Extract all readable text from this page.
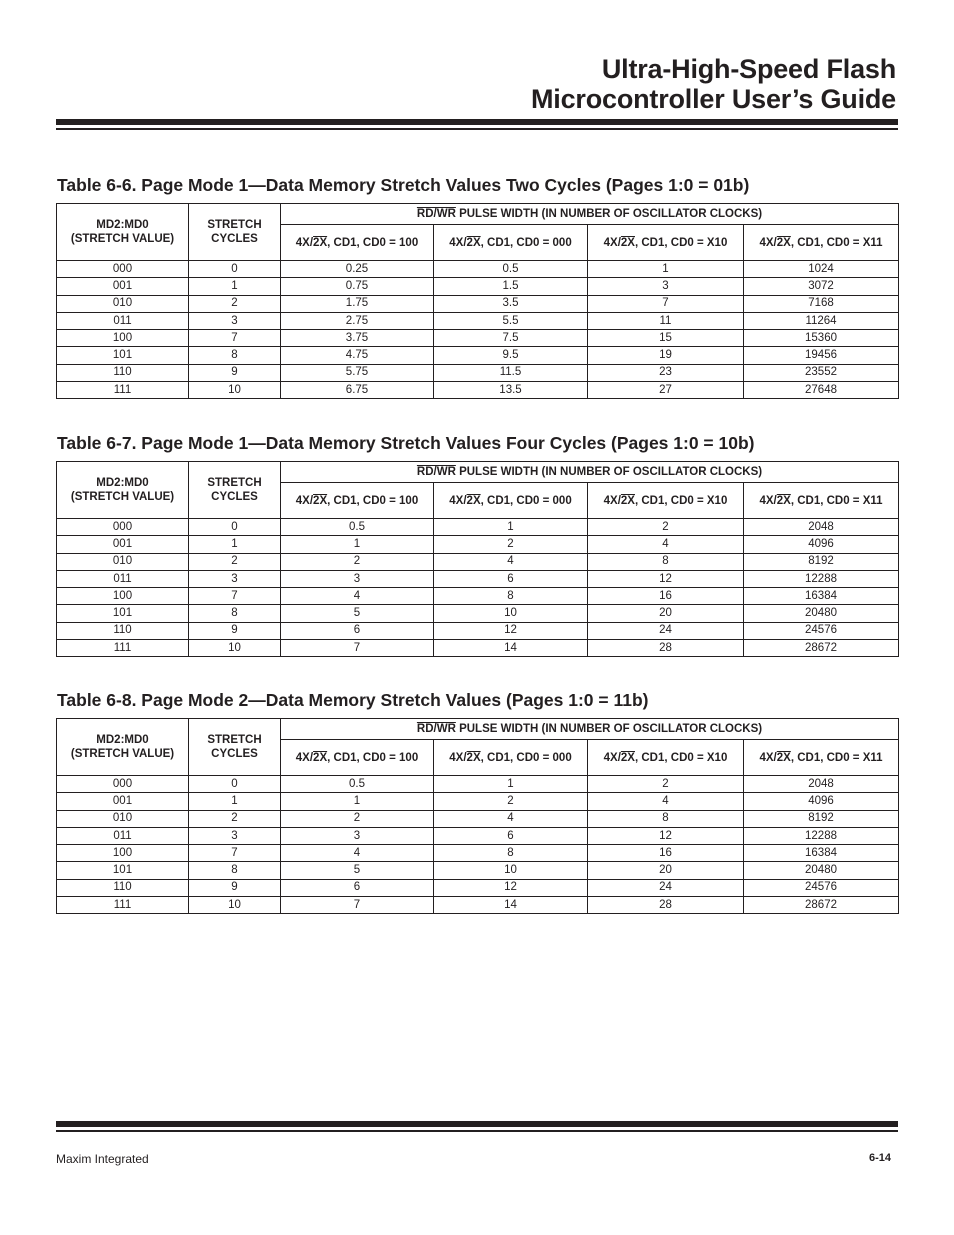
Ultra-High-Speed Flash
Microcontroller User’s Guide
Table 6-6. Page Mode 1—Data Memory Stretch Values Two Cycles (Pages 1:0 = 01b)
MD2:MD0
(STRETCH VALUE)	STRETCH
CYCLES	RD/WR PULSE WIDTH (IN NUMBER OF OSCILLATOR CLOCKS)			
		4X/2X, CD1, CD0 = 100	4X/2X, CD1, CD0 = 000	4X/2X, CD1, CD0 = X10	4X/2X, CD1, CD0 = X11
000	0	0.25	0.5	1	1024
001	1	0.75	1.5	3	3072
010	2	1.75	3.5	7	7168
011	3	2.75	5.5	11	11264
100	7	3.75	7.5	15	15360
101	8	4.75	9.5	19	19456
110	9	5.75	11.5	23	23552
111	10	6.75	13.5	27	27648
Table 6-7. Page Mode 1—Data Memory Stretch Values Four Cycles (Pages 1:0 = 10b)
MD2:MD0
(STRETCH VALUE)	STRETCH
CYCLES	RD/WR PULSE WIDTH (IN NUMBER OF OSCILLATOR CLOCKS)			
		4X/2X, CD1, CD0 = 100	4X/2X, CD1, CD0 = 000	4X/2X, CD1, CD0 = X10	4X/2X, CD1, CD0 = X11
000	0	0.5	1	2	2048
001	1	1	2	4	4096
010	2	2	4	8	8192
011	3	3	6	12	12288
100	7	4	8	16	16384
101	8	5	10	20	20480
110	9	6	12	24	24576
111	10	7	14	28	28672
Table 6-8. Page Mode 2—Data Memory Stretch Values (Pages 1:0 = 11b)
MD2:MD0
(STRETCH VALUE)	STRETCH
CYCLES	RD/WR PULSE WIDTH (IN NUMBER OF OSCILLATOR CLOCKS)			
		4X/2X, CD1, CD0 = 100	4X/2X, CD1, CD0 = 000	4X/2X, CD1, CD0 = X10	4X/2X, CD1, CD0 = X11
000	0	0.5	1	2	2048
001	1	1	2	4	4096
010	2	2	4	8	8192
011	3	3	6	12	12288
100	7	4	8	16	16384
101	8	5	10	20	20480
110	9	6	12	24	24576
111	10	7	14	28	28672
Maxim Integrated	6-14
